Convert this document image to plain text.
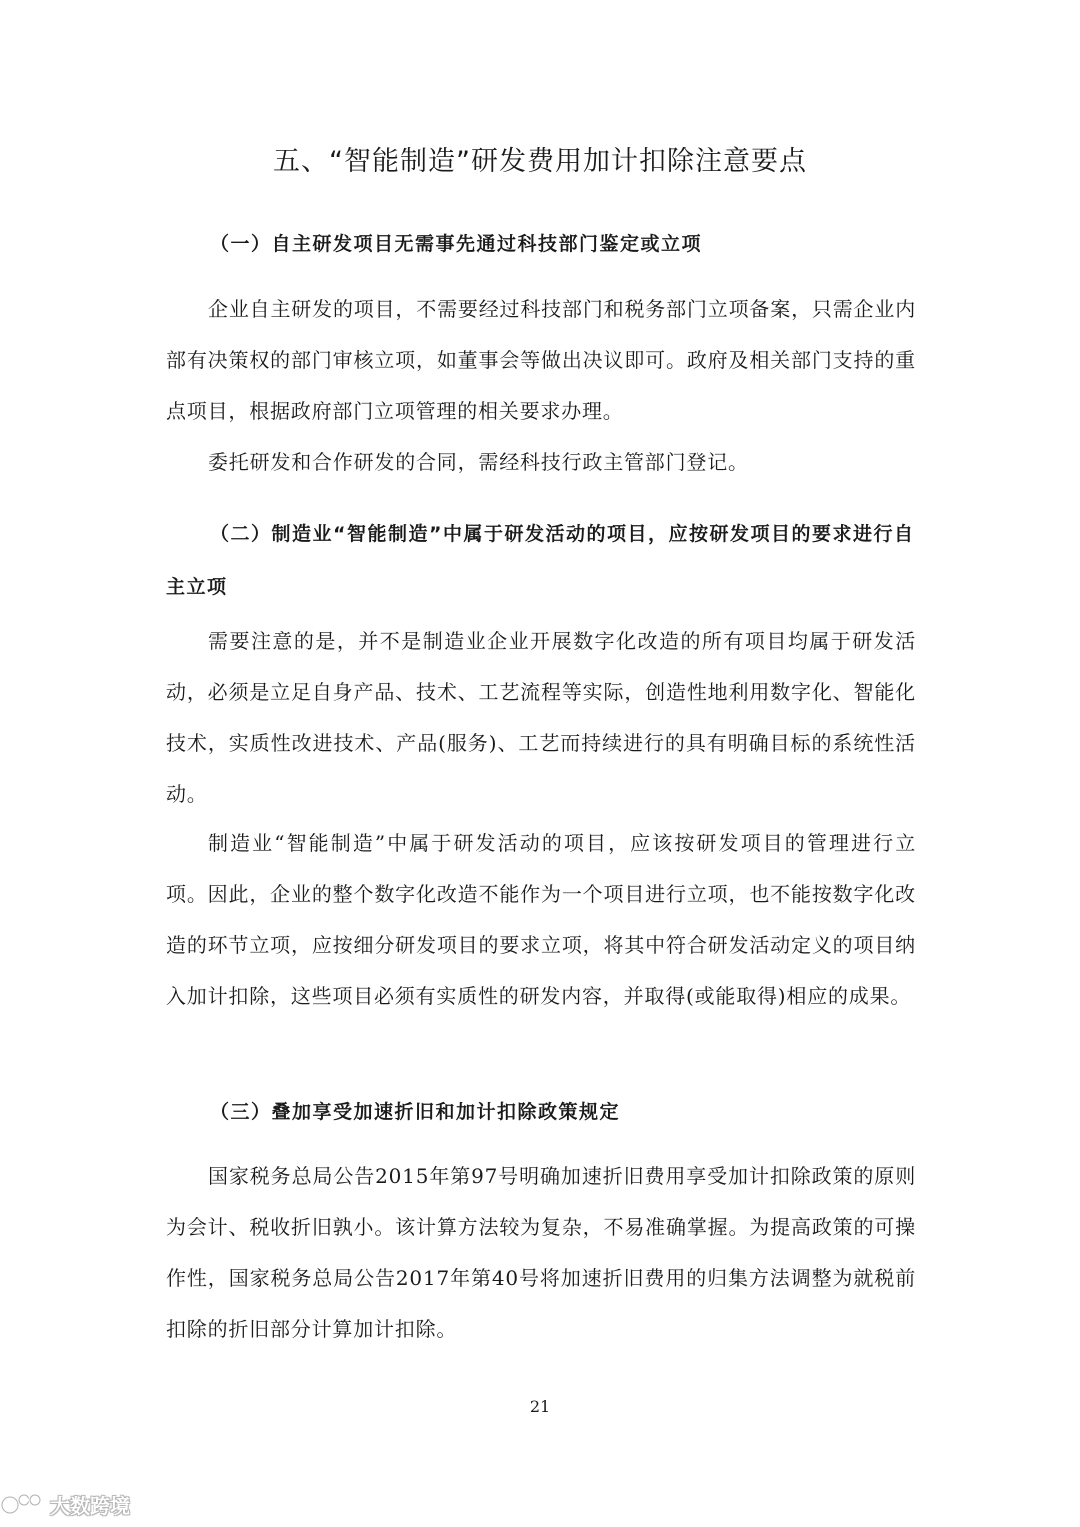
五、“智能制造”研发费用加计扣除注意要点
（一）自主研发项目无需事先通过科技部门鉴定或立项

企业自主研发的项目，不需要经过科技部门和税务部门立项备案，只需企业内部有决策权的部门审核立项，如董事会等做出决议即可。政府及相关部门支持的重点项目，根据政府部门立项管理的相关要求办理。

委托研发和合作研发的合同，需经科技行政主管部门登记。

（二）制造业“智能制造”中属于研发活动的项目，应按研发项目的要求进行自主立项

需要注意的是，并不是制造业企业开展数字化改造的所有项目均属于研发活动，必须是立足自身产品、技术、工艺流程等实际，创造性地利用数字化、智能化技术，实质性改进技术、产品(服务)、工艺而持续进行的具有明确目标的系统性活动。

制造业“智能制造”中属于研发活动的项目，应该按研发项目的管理进行立项。因此，企业的整个数字化改造不能作为一个项目进行立项，也不能按数字化改造的环节立项，应按细分研发项目的要求立项，将其中符合研发活动定义的项目纳入加计扣除，这些项目必须有实质性的研发内容，并取得(或能取得)相应的成果。

（三）叠加享受加速折旧和加计扣除政策规定

国家税务总局公告2015年第97号明确加速折旧费用享受加计扣除政策的原则为会计、税收折旧孰小。该计算方法较为复杂，不易准确掌握。为提高政策的可操作性，国家税务总局公告2017年第40号将加速折旧费用的归集方法调整为就税前扣除的折旧部分计算加计扣除。

21
大数跨境
